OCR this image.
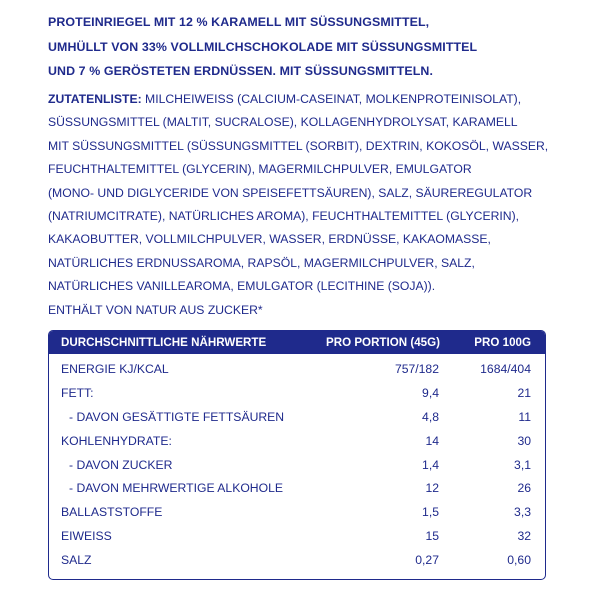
PROTEINRIEGEL MIT 12 % KARAMELL MIT SÜSSUNGSMITTEL,
UMHÜLLT VON 33% VOLLMILCHSCHOKOLADE MIT SÜSSUNGSMITTEL
UND 7 % GERÖSTETEN ERDNÜSSEN. MIT SÜSSUNGSMITTELN.
ZUTATENLISTE: MILCHEIWEISS (CALCIUM-CASEINAT, MOLKENPROTEINISOLAT),
SÜSSUNGSMITTEL (MALTIT, SUCRALOSE), KOLLAGENHYDROLYSAT, KARAMELL
MIT SÜSSUNGSMITTEL (SÜSSUNGSMITTEL (SORBIT), DEXTRIN, KOKOSÖL, WASSER,
FEUCHTHALTEMITTEL (GLYCERIN), MAGERMILCHPULVER, EMULGATOR
(MONO- UND DIGLYCERIDE VON SPEISEFETTSÄUREN), SALZ, SÄUREREGULATOR
(NATRIUMCITRATE), NATÜRLICHES AROMA), FEUCHTHALTEMITTEL (GLYCERIN),
KAKAOBUTTER, VOLLMILCHPULVER, WASSER, ERDNÜSSE, KAKAOMASSE,
NATÜRLICHES ERDNUSSAROMA, RAPSÖL, MAGERMILCHPULVER, SALZ,
NATÜRLICHES VANILLEAROMA, EMULGATOR (LECITHINE (SOJA)).
ENTHÄLT VON NATUR AUS ZUCKER*
DURCHSCHNITTLICHE NÄHRWERTE	PRO PORTION (45G)	PRO 100G
ENERGIE KJ/KCAL	757/182	1684/404
FETT:	9,4	21
- DAVON GESÄTTIGTE FETTSÄUREN	4,8	11
KOHLENHYDRATE:	14	30
- DAVON ZUCKER	1,4	3,1
- DAVON MEHRWERTIGE ALKOHOLE	12	26
BALLASTSTOFFE	1,5	3,3
EIWEISS	15	32
SALZ	0,27	0,60
